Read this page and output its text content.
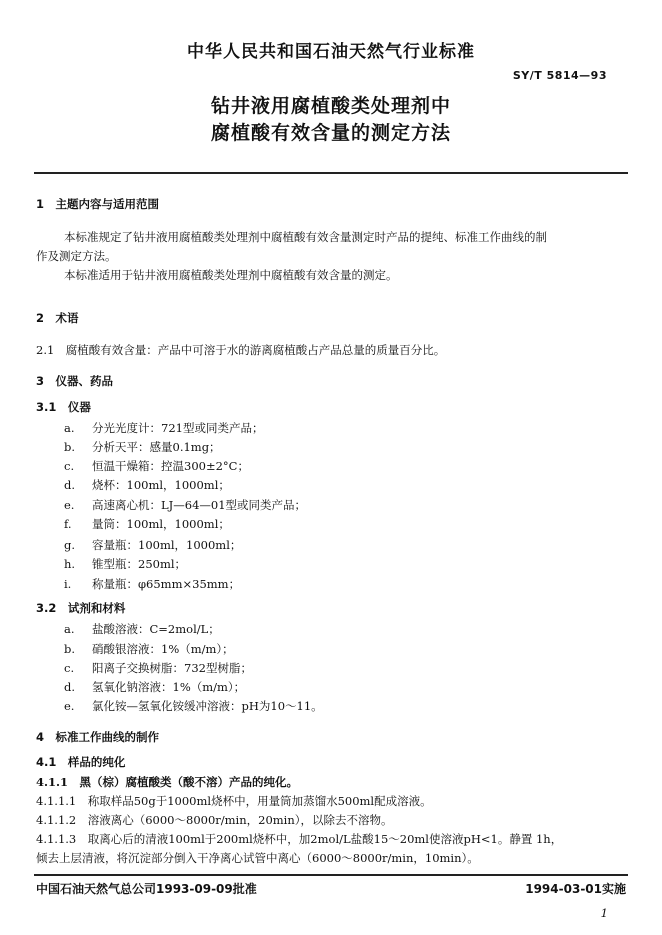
中华人民共和国石油天然气行业标准
SY/T 5814—93
钻井液用腐植酸类处理剂中
腐植酸有效含量的测定方法
1　主题内容与适用范围
本标准规定了钻井液用腐植酸类处理剂中腐植酸有效含量测定时产品的提纯、标准工作曲线的制
作及测定方法。
本标准适用于钻井液用腐植酸类处理剂中腐植酸有效含量的测定。
2　术语
2.1　腐植酸有效含量：产品中可溶于水的游离腐植酸占产品总量的质量百分比。
3　仪器、药品
3.1　仪器
a. 分光光度计：721型或同类产品；
b. 分析天平：感量0.1mg；
c. 恒温干燥箱：控温300±2°C；
d. 烧杯：100ml，1000ml；
e. 高速离心机：LJ—64—01型或同类产品；
f. 量筒：100ml，1000ml；
g. 容量瓶：100ml，1000ml；
h. 锥型瓶：250ml；
i. 称量瓶：φ65mm×35mm；
3.2　试剂和材料
a. 盐酸溶液：C=2mol/L；
b. 硝酸银溶液：1%（m/m）；
c. 阳离子交换树脂：732型树脂；
d. 氢氧化钠溶液：1%（m/m）；
e. 氯化铵—氢氧化铵缓冲溶液：pH为10～11。
4　标准工作曲线的制作
4.1　样品的纯化
4.1.1　黑（棕）腐植酸类（酸不溶）产品的纯化。
4.1.1.1　称取样品50g于1000ml烧杯中，用量筒加蒸馏水500ml配成溶液。
4.1.1.2　溶液离心（6000～8000r/min，20min），以除去不溶物。
4.1.1.3　取离心后的清液100ml于200ml烧杯中，加2mol/L盐酸15～20ml使溶液pH<1。静置 1h，
倾去上层清液，将沉淀部分倒入干净离心试管中离心（6000～8000r/min，10min）。
中国石油天然气总公司1993-09-09批准	1994-03-01实施
1
